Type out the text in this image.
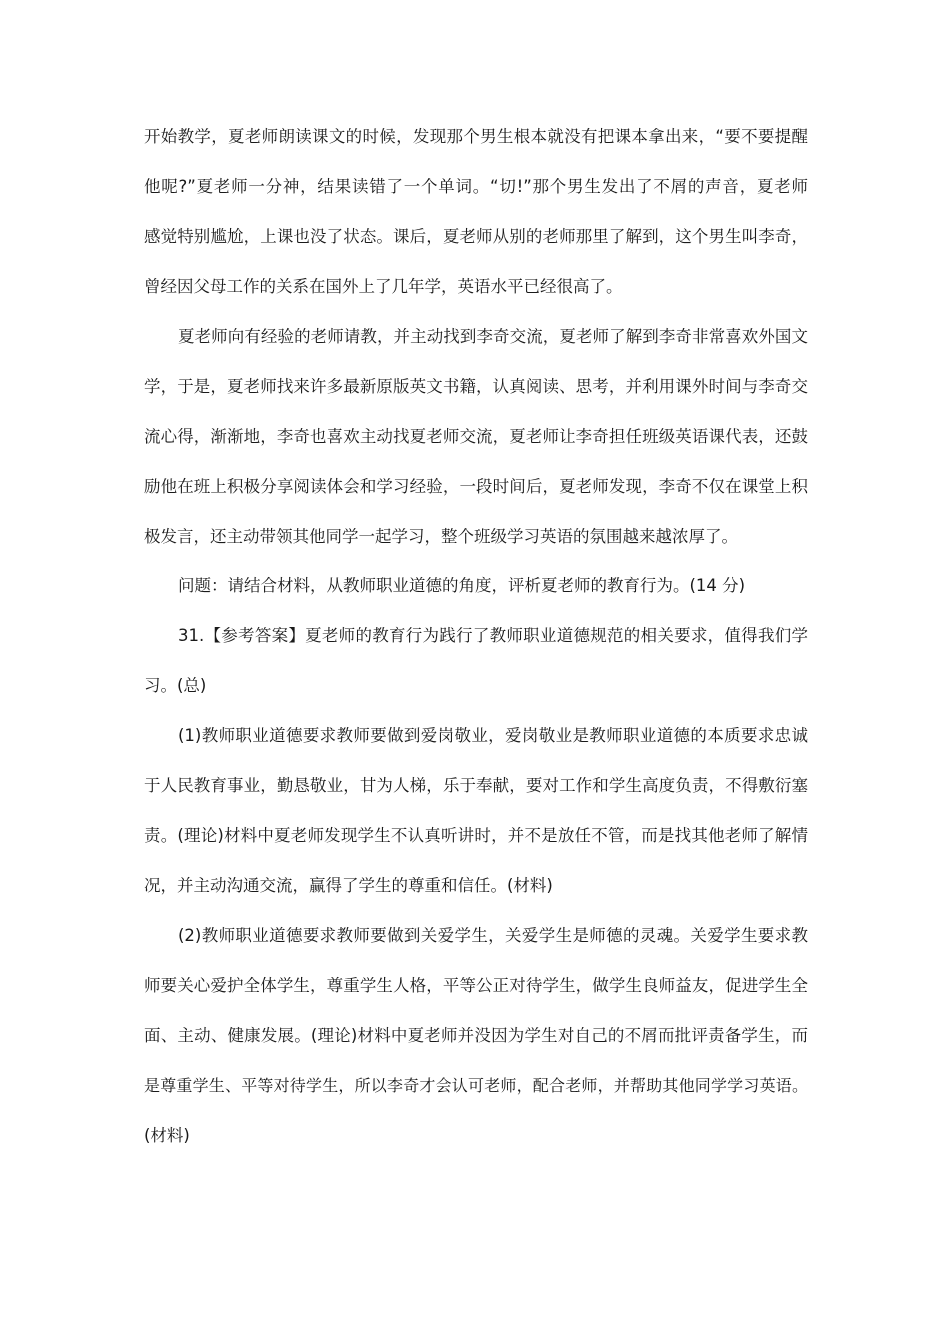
开始教学，夏老师朗读课文的时候，发现那个男生根本就没有把课本拿出来，“要不要提醒
他呢?”夏老师一分神，结果读错了一个单词。“切!”那个男生发出了不屑的声音，夏老师
感觉特别尴尬，上课也没了状态。课后，夏老师从别的老师那里了解到，这个男生叫李奇，
曾经因父母工作的关系在国外上了几年学，英语水平已经很高了。
夏老师向有经验的老师请教，并主动找到李奇交流，夏老师了解到李奇非常喜欢外国文
学，于是，夏老师找来许多最新原版英文书籍，认真阅读、思考，并利用课外时间与李奇交
流心得，渐渐地，李奇也喜欢主动找夏老师交流，夏老师让李奇担任班级英语课代表，还鼓
励他在班上积极分享阅读体会和学习经验，一段时间后，夏老师发现，李奇不仅在课堂上积
极发言，还主动带领其他同学一起学习，整个班级学习英语的氛围越来越浓厚了。
问题：请结合材料，从教师职业道德的角度，评析夏老师的教育行为。(14 分)
31.【参考答案】夏老师的教育行为践行了教师职业道德规范的相关要求，值得我们学
习。(总)
(1)教师职业道德要求教师要做到爱岗敬业，爱岗敬业是教师职业道德的本质要求忠诚
于人民教育事业，勤恳敬业，甘为人梯，乐于奉献，要对工作和学生高度负责，不得敷衍塞
责。(理论)材料中夏老师发现学生不认真听讲时，并不是放任不管，而是找其他老师了解情
况，并主动沟通交流，赢得了学生的尊重和信任。(材料)
(2)教师职业道德要求教师要做到关爱学生，关爱学生是师德的灵魂。关爱学生要求教
师要关心爱护全体学生，尊重学生人格，平等公正对待学生，做学生良师益友，促进学生全
面、主动、健康发展。(理论)材料中夏老师并没因为学生对自己的不屑而批评责备学生，而
是尊重学生、平等对待学生，所以李奇才会认可老师，配合老师，并帮助其他同学学习英语。
(材料)
